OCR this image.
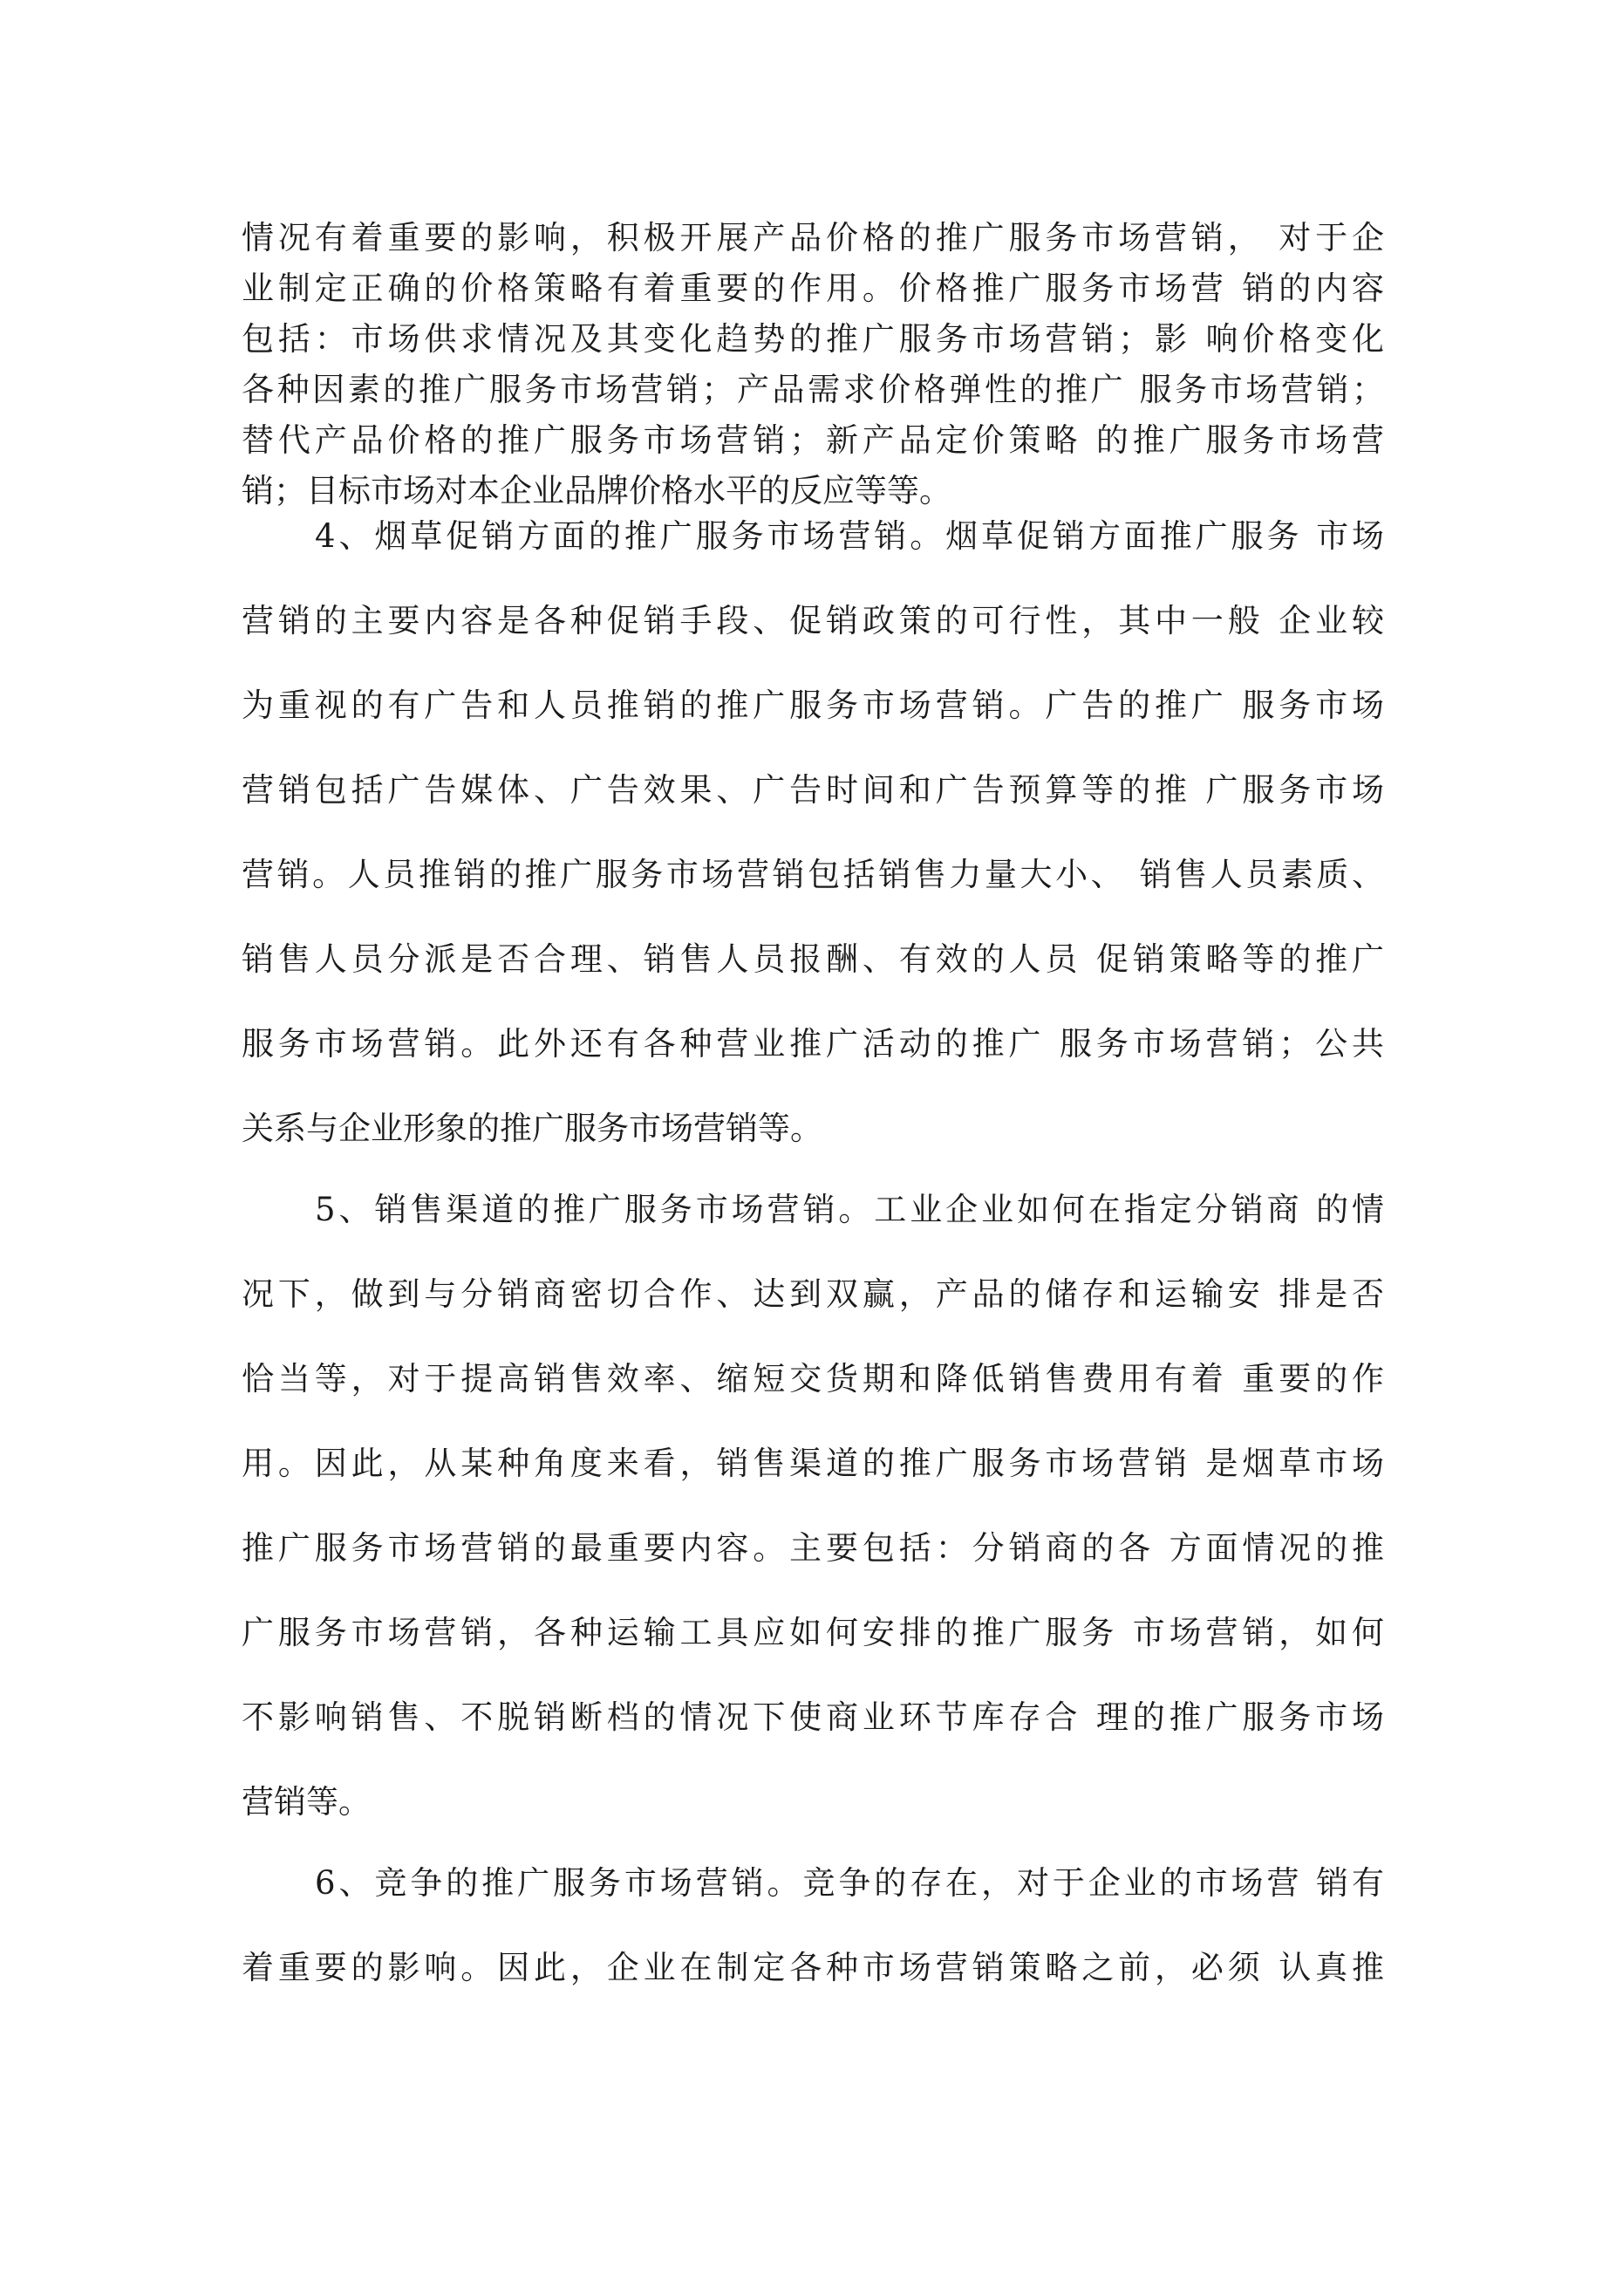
情况有着重要的影响，积极开展产品价格的推广服务市场营销， 对于企
业制定正确的价格策略有着重要的作用。价格推广服务市场营 销的内容
包括：市场供求情况及其变化趋势的推广服务市场营销；影 响价格变化
各种因素的推广服务市场营销；产品需求价格弹性的推广 服务市场营销；
替代产品价格的推广服务市场营销；新产品定价策略 的推广服务市场营
销；目标市场对本企业品牌价格水平的反应等等。
4、烟草促销方面的推广服务市场营销。烟草促销方面推广服务 市场
营销的主要内容是各种促销手段、促销政策的可行性，其中一般 企业较
为重视的有广告和人员推销的推广服务市场营销。广告的推广 服务市场
营销包括广告媒体、广告效果、广告时间和广告预算等的推 广服务市场
营销。人员推销的推广服务市场营销包括销售力量大小、 销售人员素质、
销售人员分派是否合理、销售人员报酬、有效的人员 促销策略等的推广
服务市场营销。此外还有各种营业推广活动的推广 服务市场营销；公共
关系与企业形象的推广服务市场营销等。
5、销售渠道的推广服务市场营销。工业企业如何在指定分销商 的情
况下，做到与分销商密切合作、达到双赢，产品的储存和运输安 排是否
恰当等，对于提高销售效率、缩短交货期和降低销售费用有着 重要的作
用。因此，从某种角度来看，销售渠道的推广服务市场营销 是烟草市场
推广服务市场营销的最重要内容。主要包括：分销商的各 方面情况的推
广服务市场营销，各种运输工具应如何安排的推广服务 市场营销，如何
不影响销售、不脱销断档的情况下使商业环节库存合 理的推广服务市场
营销等。
6、竞争的推广服务市场营销。竞争的存在，对于企业的市场营 销有
着重要的影响。因此，企业在制定各种市场营销策略之前，必须 认真推
